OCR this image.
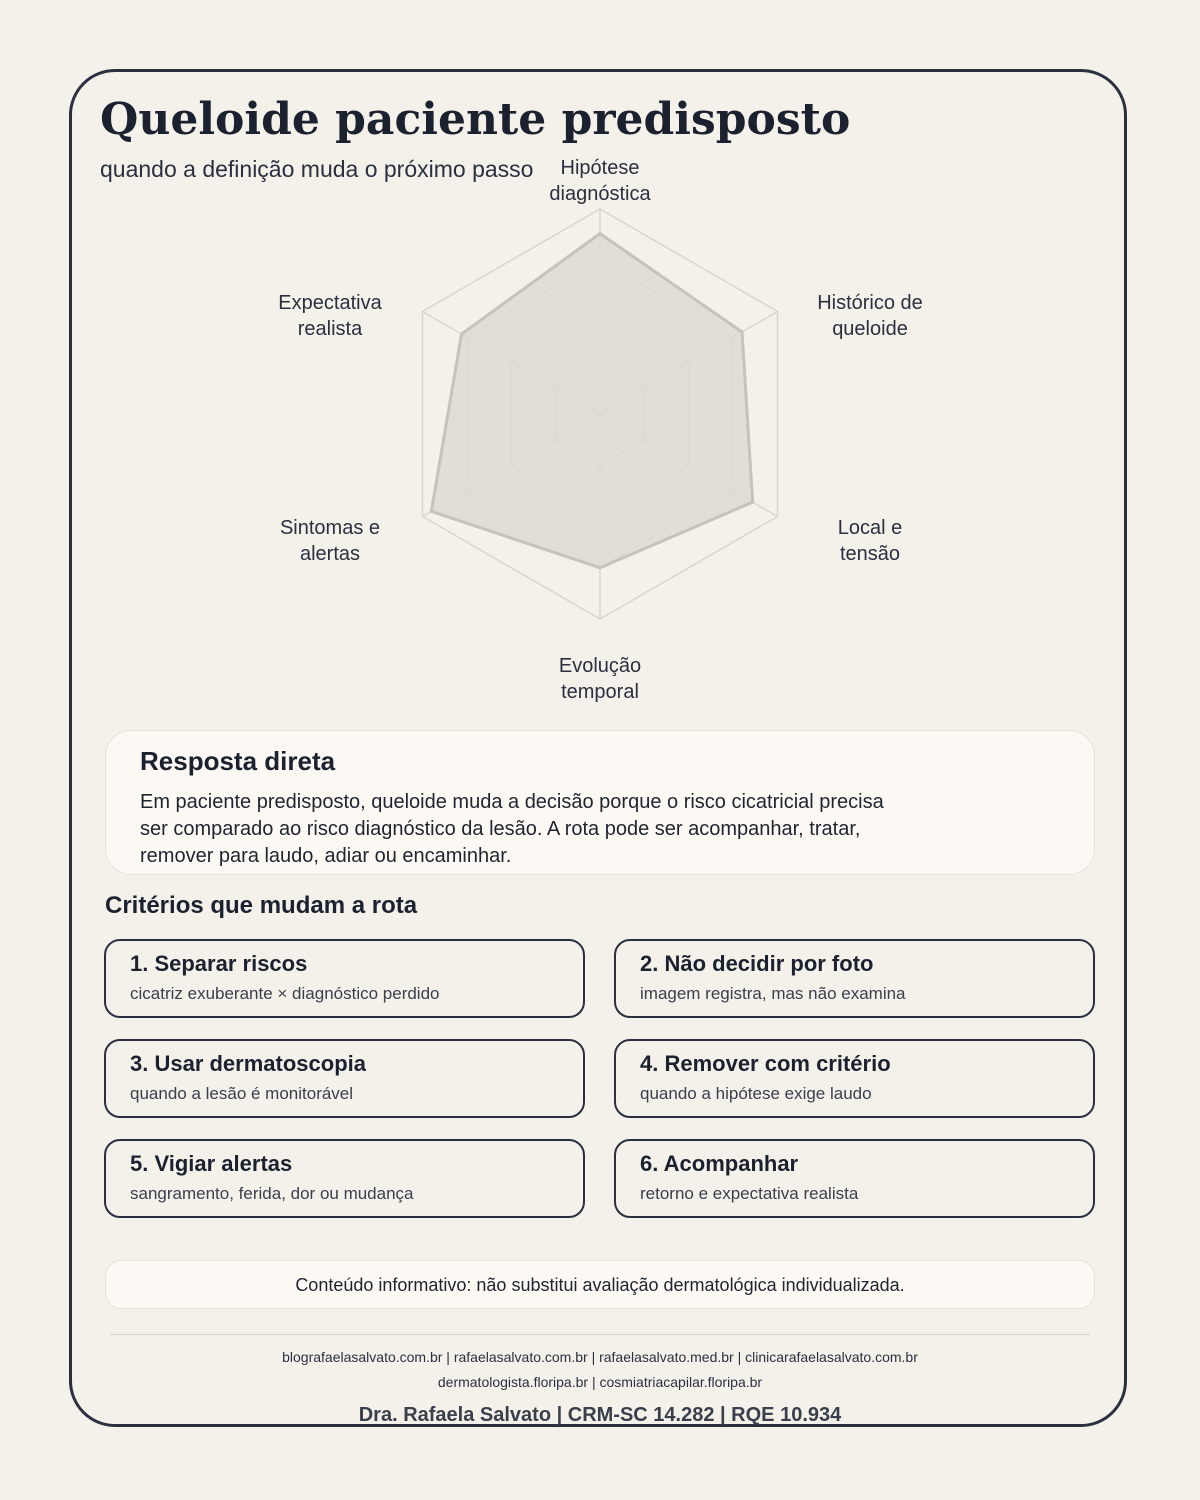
Queloide paciente predisposto
quando a definição muda o próximo passo	Hipótese
diagnóstica
Histórico de
queloide
Local e
tensão
Evolução
temporal
Sintomas e
alertas
Expectativa
realista
Resposta direta

Em paciente predisposto, queloide muda a decisão porque o risco cicatricial precisa ser comparado ao risco diagnóstico da lesão. A rota pode ser acompanhar, tratar, remover para laudo, adiar ou encaminhar.

Critérios que mudam a rota
1. Separar riscos
cicatriz exuberante × diagnóstico perdido
2. Não decidir por foto
imagem registra, mas não examina
3. Usar dermatoscopia
quando a lesão é monitorável
4. Remover com critério
quando a hipótese exige laudo
5. Vigiar alertas
sangramento, ferida, dor ou mudança
6. Acompanhar
retorno e expectativa realista
Conteúdo informativo: não substitui avaliação dermatológica individualizada.
blografaelasalvato.com.br | rafaelasalvato.com.br | rafaelasalvato.med.br | clinicarafaelasalvato.com.br
dermatologista.floripa.br | cosmiatriacapilar.floripa.br
Dra. Rafaela Salvato | CRM-SC 14.282 | RQE 10.934
